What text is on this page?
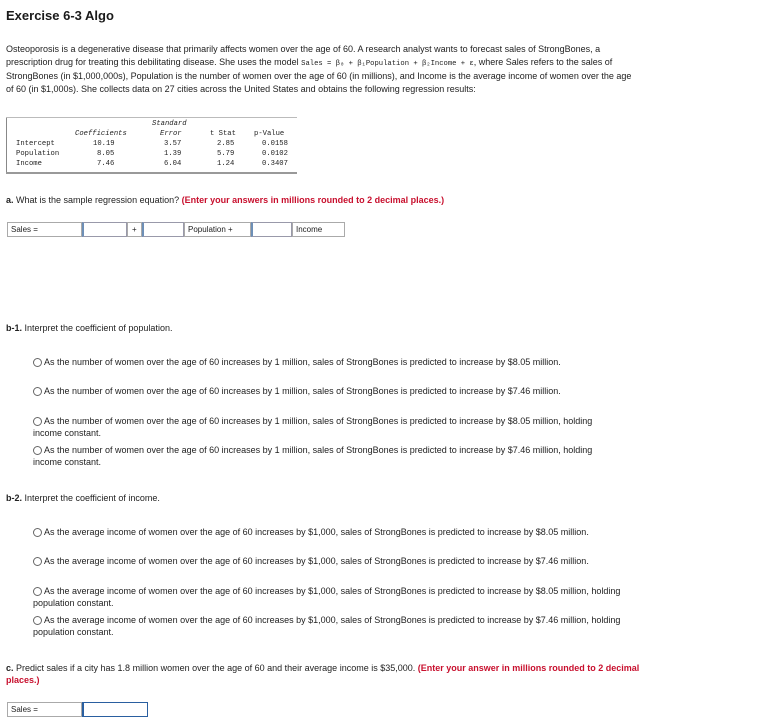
Exercise 6-3 Algo
Osteoporosis is a degenerative disease that primarily affects women over the age of 60. A research analyst wants to forecast sales of StrongBones, a prescription drug for treating this debilitating disease. She uses the model Sales = β₀ + β₁Population + β₂Income + ε, where Sales refers to the sales of StrongBones (in $1,000,000s), Population is the number of women over the age of 60 (in millions), and Income is the average income of women over the age of 60 (in $1,000s). She collects data on 27 cities across the United States and obtains the following regression results:
Standard
Coefficients	Error	t Stat	p-Value
Intercept	10.19	3.57	2.85	0.0158
Population	8.05	1.39	5.79	0.0102
Income	7.46	6.04	1.24	0.3407
a. What is the sample regression equation? (Enter your answers in millions rounded to 2 decimal places.)
Sales =	+	Population +	Income
b-1. Interpret the coefficient of population.
As the number of women over the age of 60 increases by 1 million, sales of StrongBones is predicted to increase by $8.05 million.
As the number of women over the age of 60 increases by 1 million, sales of StrongBones is predicted to increase by $7.46 million.
As the number of women over the age of 60 increases by 1 million, sales of StrongBones is predicted to increase by $8.05 million, holding income constant.
As the number of women over the age of 60 increases by 1 million, sales of StrongBones is predicted to increase by $7.46 million, holding income constant.
b-2. Interpret the coefficient of income.
As the average income of women over the age of 60 increases by $1,000, sales of StrongBones is predicted to increase by $8.05 million.
As the average income of women over the age of 60 increases by $1,000, sales of StrongBones is predicted to increase by $7.46 million.
As the average income of women over the age of 60 increases by $1,000, sales of StrongBones is predicted to increase by $8.05 million, holding population constant.
As the average income of women over the age of 60 increases by $1,000, sales of StrongBones is predicted to increase by $7.46 million, holding population constant.
c. Predict sales if a city has 1.8 million women over the age of 60 and their average income is $35,000. (Enter your answer in millions rounded to 2 decimal places.)
Sales =
